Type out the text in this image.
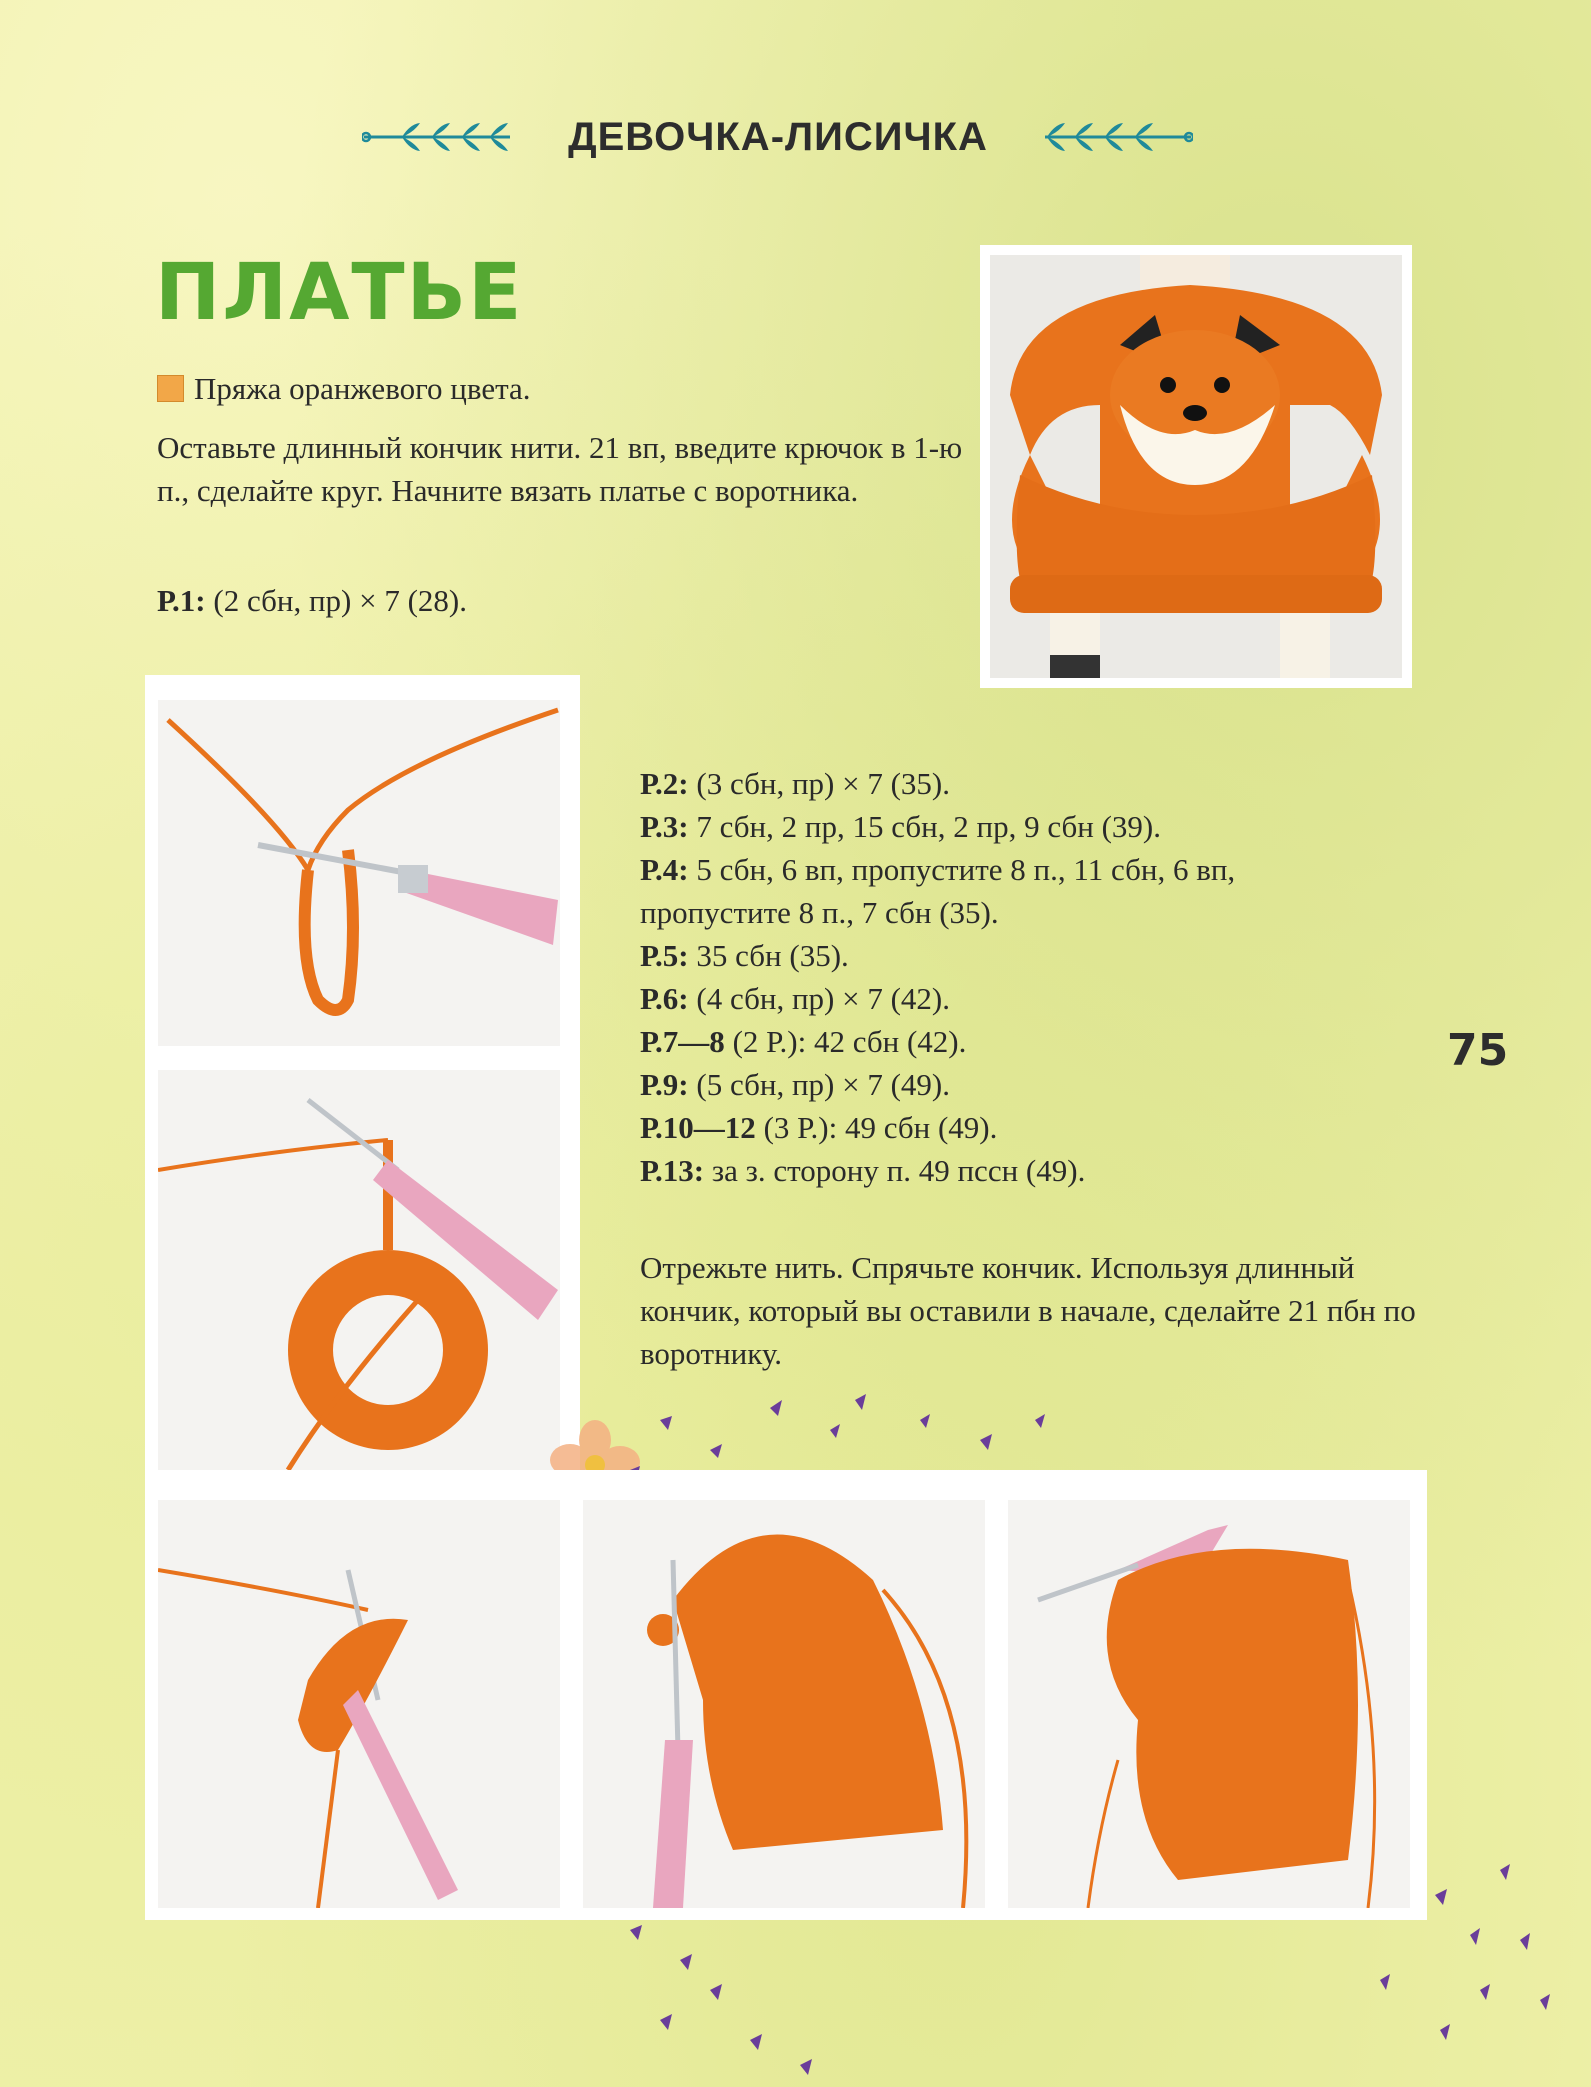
ДЕВОЧКА-ЛИСИЧКА
ПЛАТЬЕ
Пряжа оранжевого цвета.
Оставьте длинный кончик нити. 21 вп, введите крючок в 1-ю п., сделайте круг. Начните вязать платье с воротника.
Р.1: (2 сбн, пр) × 7 (28).
Р.2: (3 сбн, пр) × 7 (35).
Р.3: 7 сбн, 2 пр, 15 сбн, 2 пр, 9 сбн (39).
Р.4: 5 сбн, 6 вп, пропустите 8 п., 11 сбн, 6 вп,
пропустите 8 п., 7 сбн (35).
Р.5: 35 сбн (35).
Р.6: (4 сбн, пр) × 7 (42).
Р.7—8 (2 Р.): 42 сбн (42).
Р.9: (5 сбн, пр) × 7 (49).
Р.10—12 (3 Р.): 49 сбн (49).
Р.13: за з. сторону п. 49 пссн (49).
75
Отрежьте нить. Спрячьте кончик. Используя длинный кончик, который вы оставили в начале, сделайте 21 пбн по воротнику.
